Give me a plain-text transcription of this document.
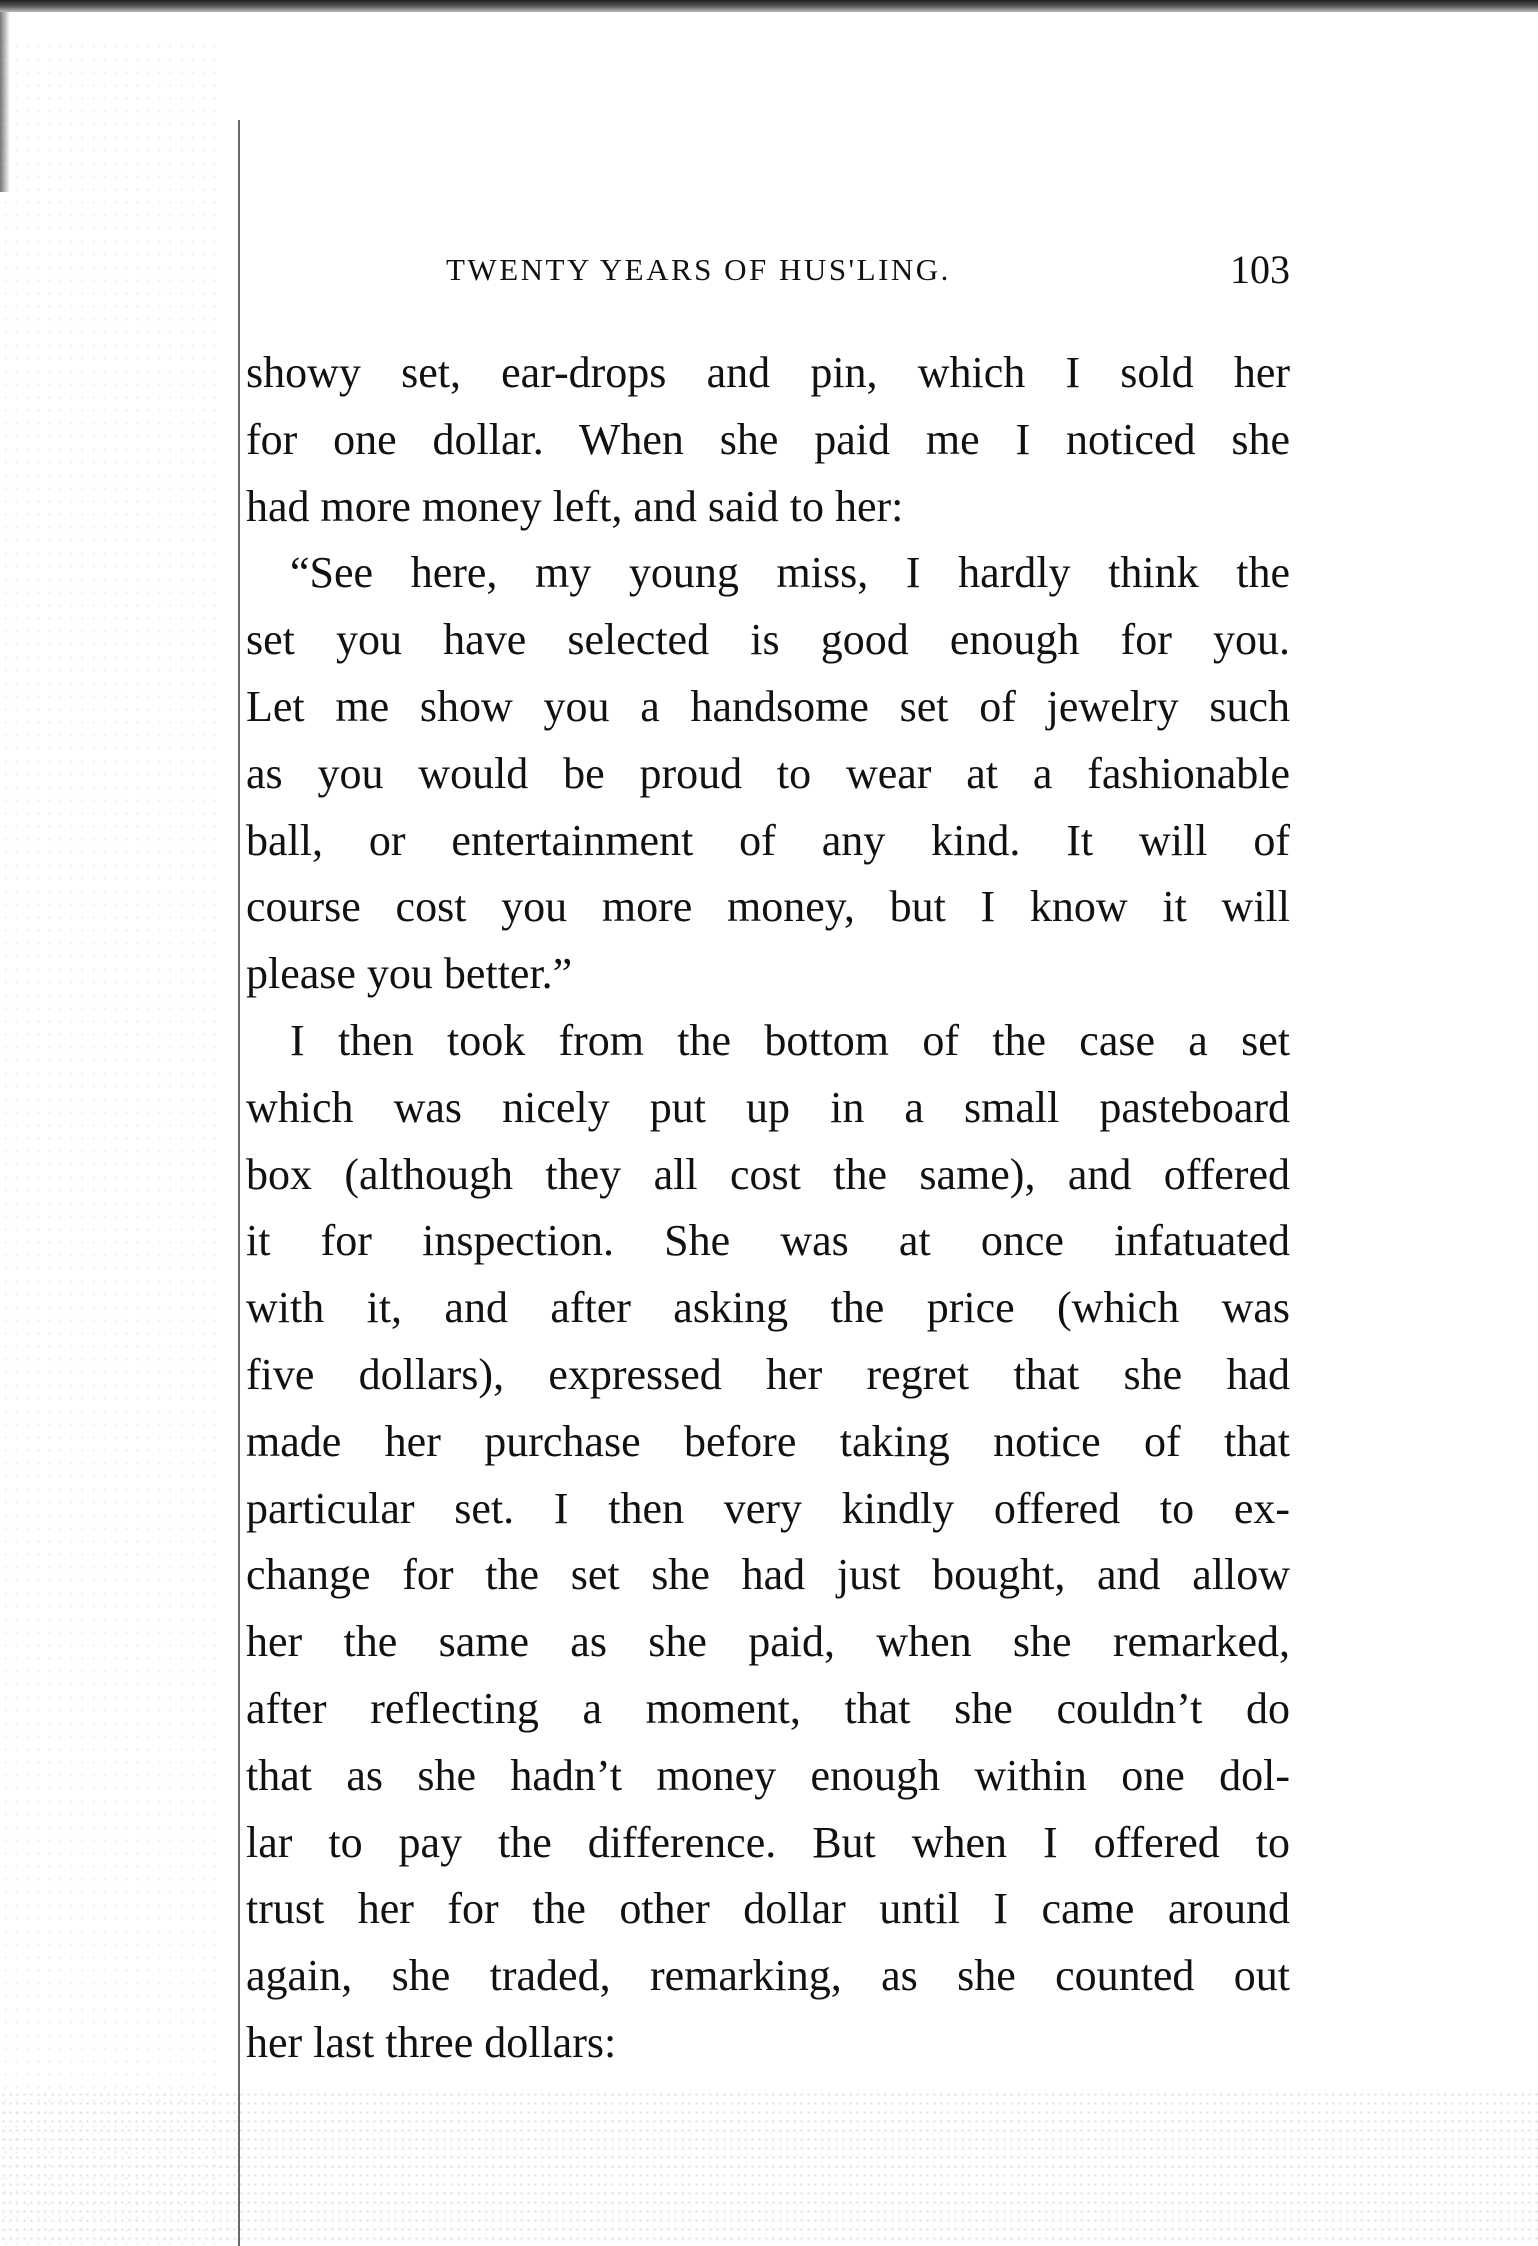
TWENTY YEARS OF HUS'LING.	103
showy set, ear-drops and pin, which I sold her
for one dollar. When she paid me I noticed she
had more money left, and said to her:
“See here, my young miss, I hardly think the
set you have selected is good enough for you.
Let me show you a handsome set of jewelry such
as you would be proud to wear at a fashionable
ball, or entertainment of any kind. It will of
course cost you more money, but I know it will
please you better.”
I then took from the bottom of the case a set
which was nicely put up in a small pasteboard
box (although they all cost the same), and offered
it for inspection. She was at once infatuated
with it, and after asking the price (which was
five dollars), expressed her regret that she had
made her purchase before taking notice of that
particular set. I then very kindly offered to ex-
change for the set she had just bought, and allow
her the same as she paid, when she remarked,
after reflecting a moment, that she couldn’t do
that as she hadn’t money enough within one dol-
lar to pay the difference. But when I offered to
trust her for the other dollar until I came around
again, she traded, remarking, as she counted out
her last three dollars:
